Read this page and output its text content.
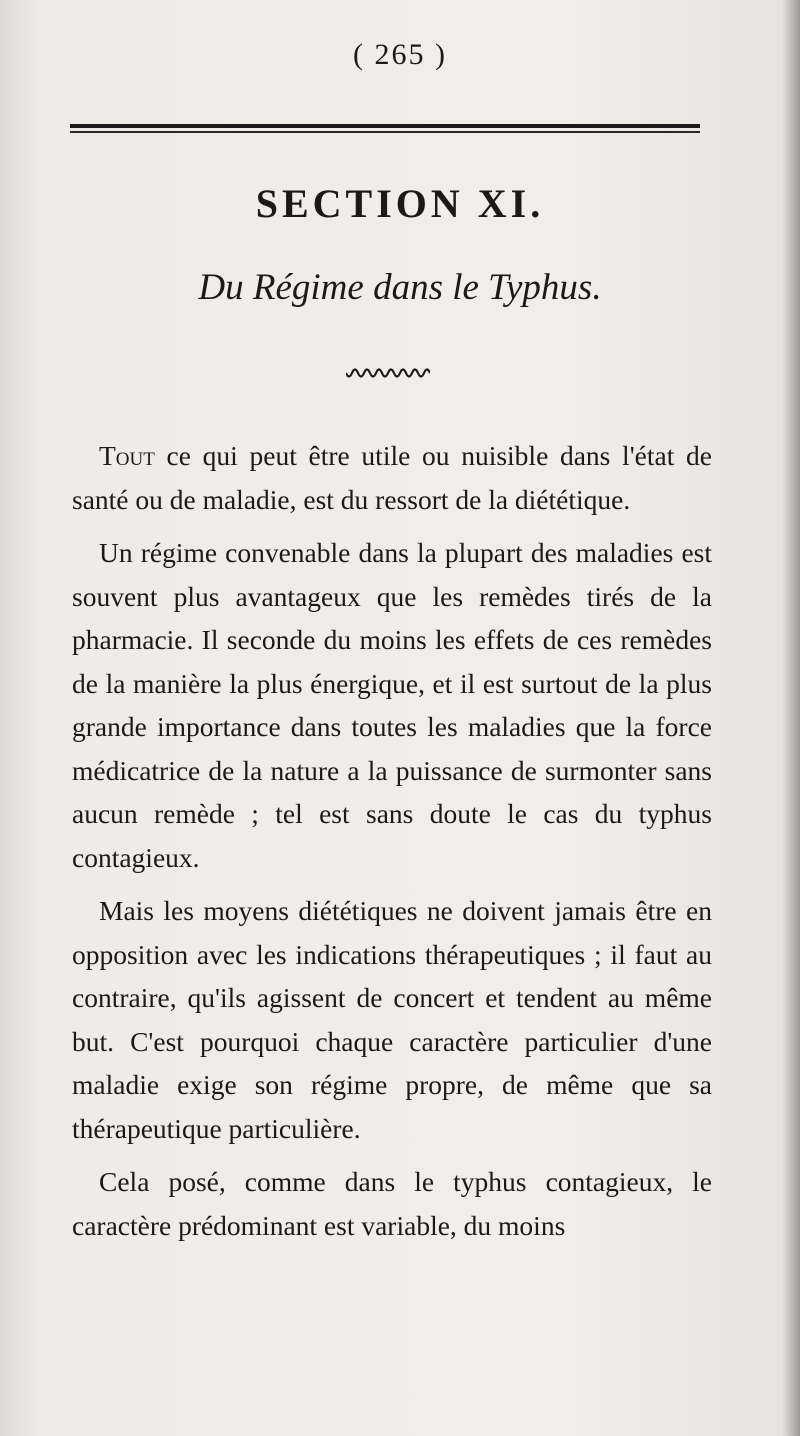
( 265 )
SECTION XI.
Du Régime dans le Typhus.

Tout ce qui peut être utile ou nuisible dans l'état de santé ou de maladie, est du ressort de la diététique.

Un régime convenable dans la plupart des maladies est souvent plus avantageux que les remèdes tirés de la pharmacie. Il seconde du moins les effets de ces remèdes de la manière la plus énergique, et il est surtout de la plus grande importance dans toutes les maladies que la force médicatrice de la nature a la puissance de surmonter sans aucun remède ; tel est sans doute le cas du typhus contagieux.

Mais les moyens diététiques ne doivent jamais être en opposition avec les indications thérapeutiques ; il faut au contraire, qu'ils agissent de concert et tendent au même but. C'est pourquoi chaque caractère particulier d'une maladie exige son régime propre, de même que sa thérapeutique particulière.

Cela posé, comme dans le typhus contagieux, le caractère prédominant est variable, du moins
